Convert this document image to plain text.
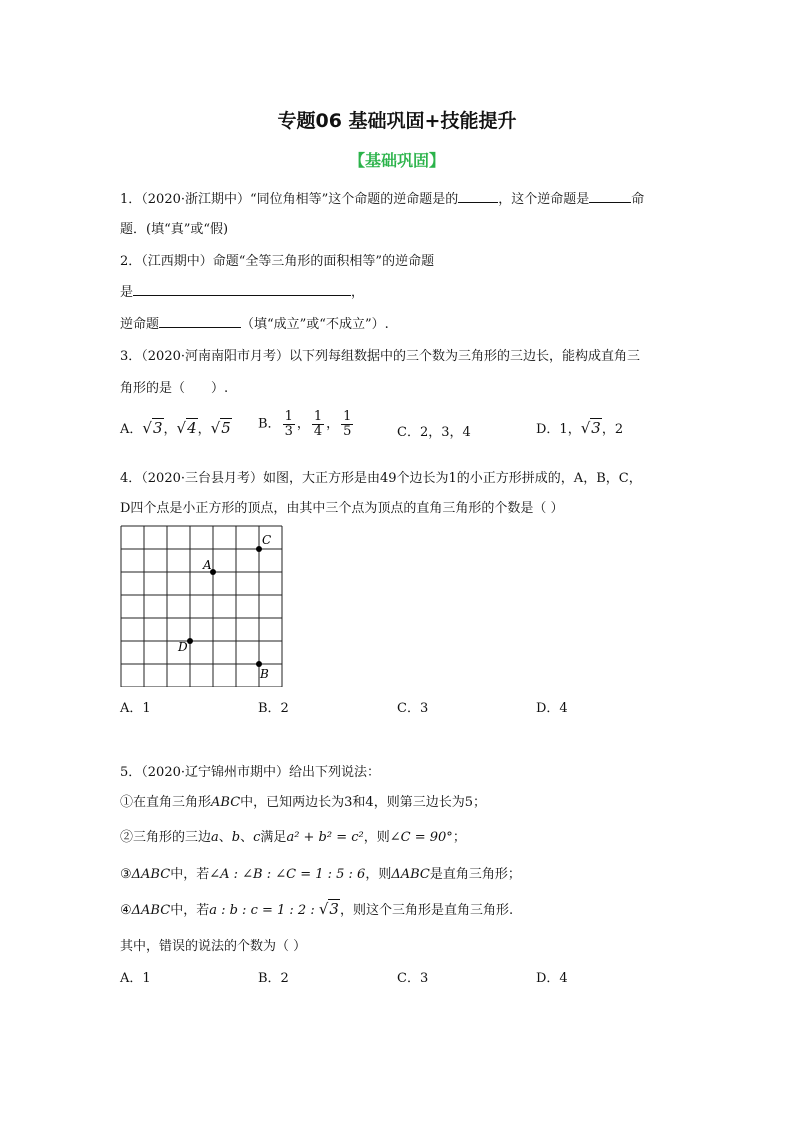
专题06 基础巩固+技能提升
【基础巩固】
1．（2020·浙江期中）“同位角相等”这个命题的逆命题是的	，这个逆命题是	命
题．(填“真”或“假)
2．（江西期中）命题“全等三角形的面积相等”的逆命题
是	，
逆命题	（填“成立”或“不成立”）.
3．（2020·河南南阳市月考）以下列每组数据中的三个数为三角形的三边长，能构成直角三
角形的是（　　）.
A．√3，√4，√5 B． $\frac{1}{3}$ ， $\frac{1}{4}$ ， $\frac{1}{5}$	C．2，3，4	D．1，√3，2
4．（2020·三台县月考）如图，大正方形是由49个边长为1的小正方形拼成的，A，B，C，
D四个点是小正方形的顶点，由其中三个点为顶点的直角三角形的个数是（ ）
C
A
D
B
A．1	B．2	C．3	D．4
5．（2020·辽宁锦州市期中）给出下列说法：
①在直角三角形ABC中，已知两边长为3和4，则第三边长为5；
②三角形的三边a、b、c满足a² + b² = c²，则∠C = 90°；
③ΔABC中，若∠A : ∠B : ∠C = 1 : 5 : 6，则ΔABC是直角三角形；
④ΔABC中，若a : b : c = 1 : 2 : √3，则这个三角形是直角三角形.
其中，错误的说法的个数为（ ）
A．1	B．2	C．3	D．4
